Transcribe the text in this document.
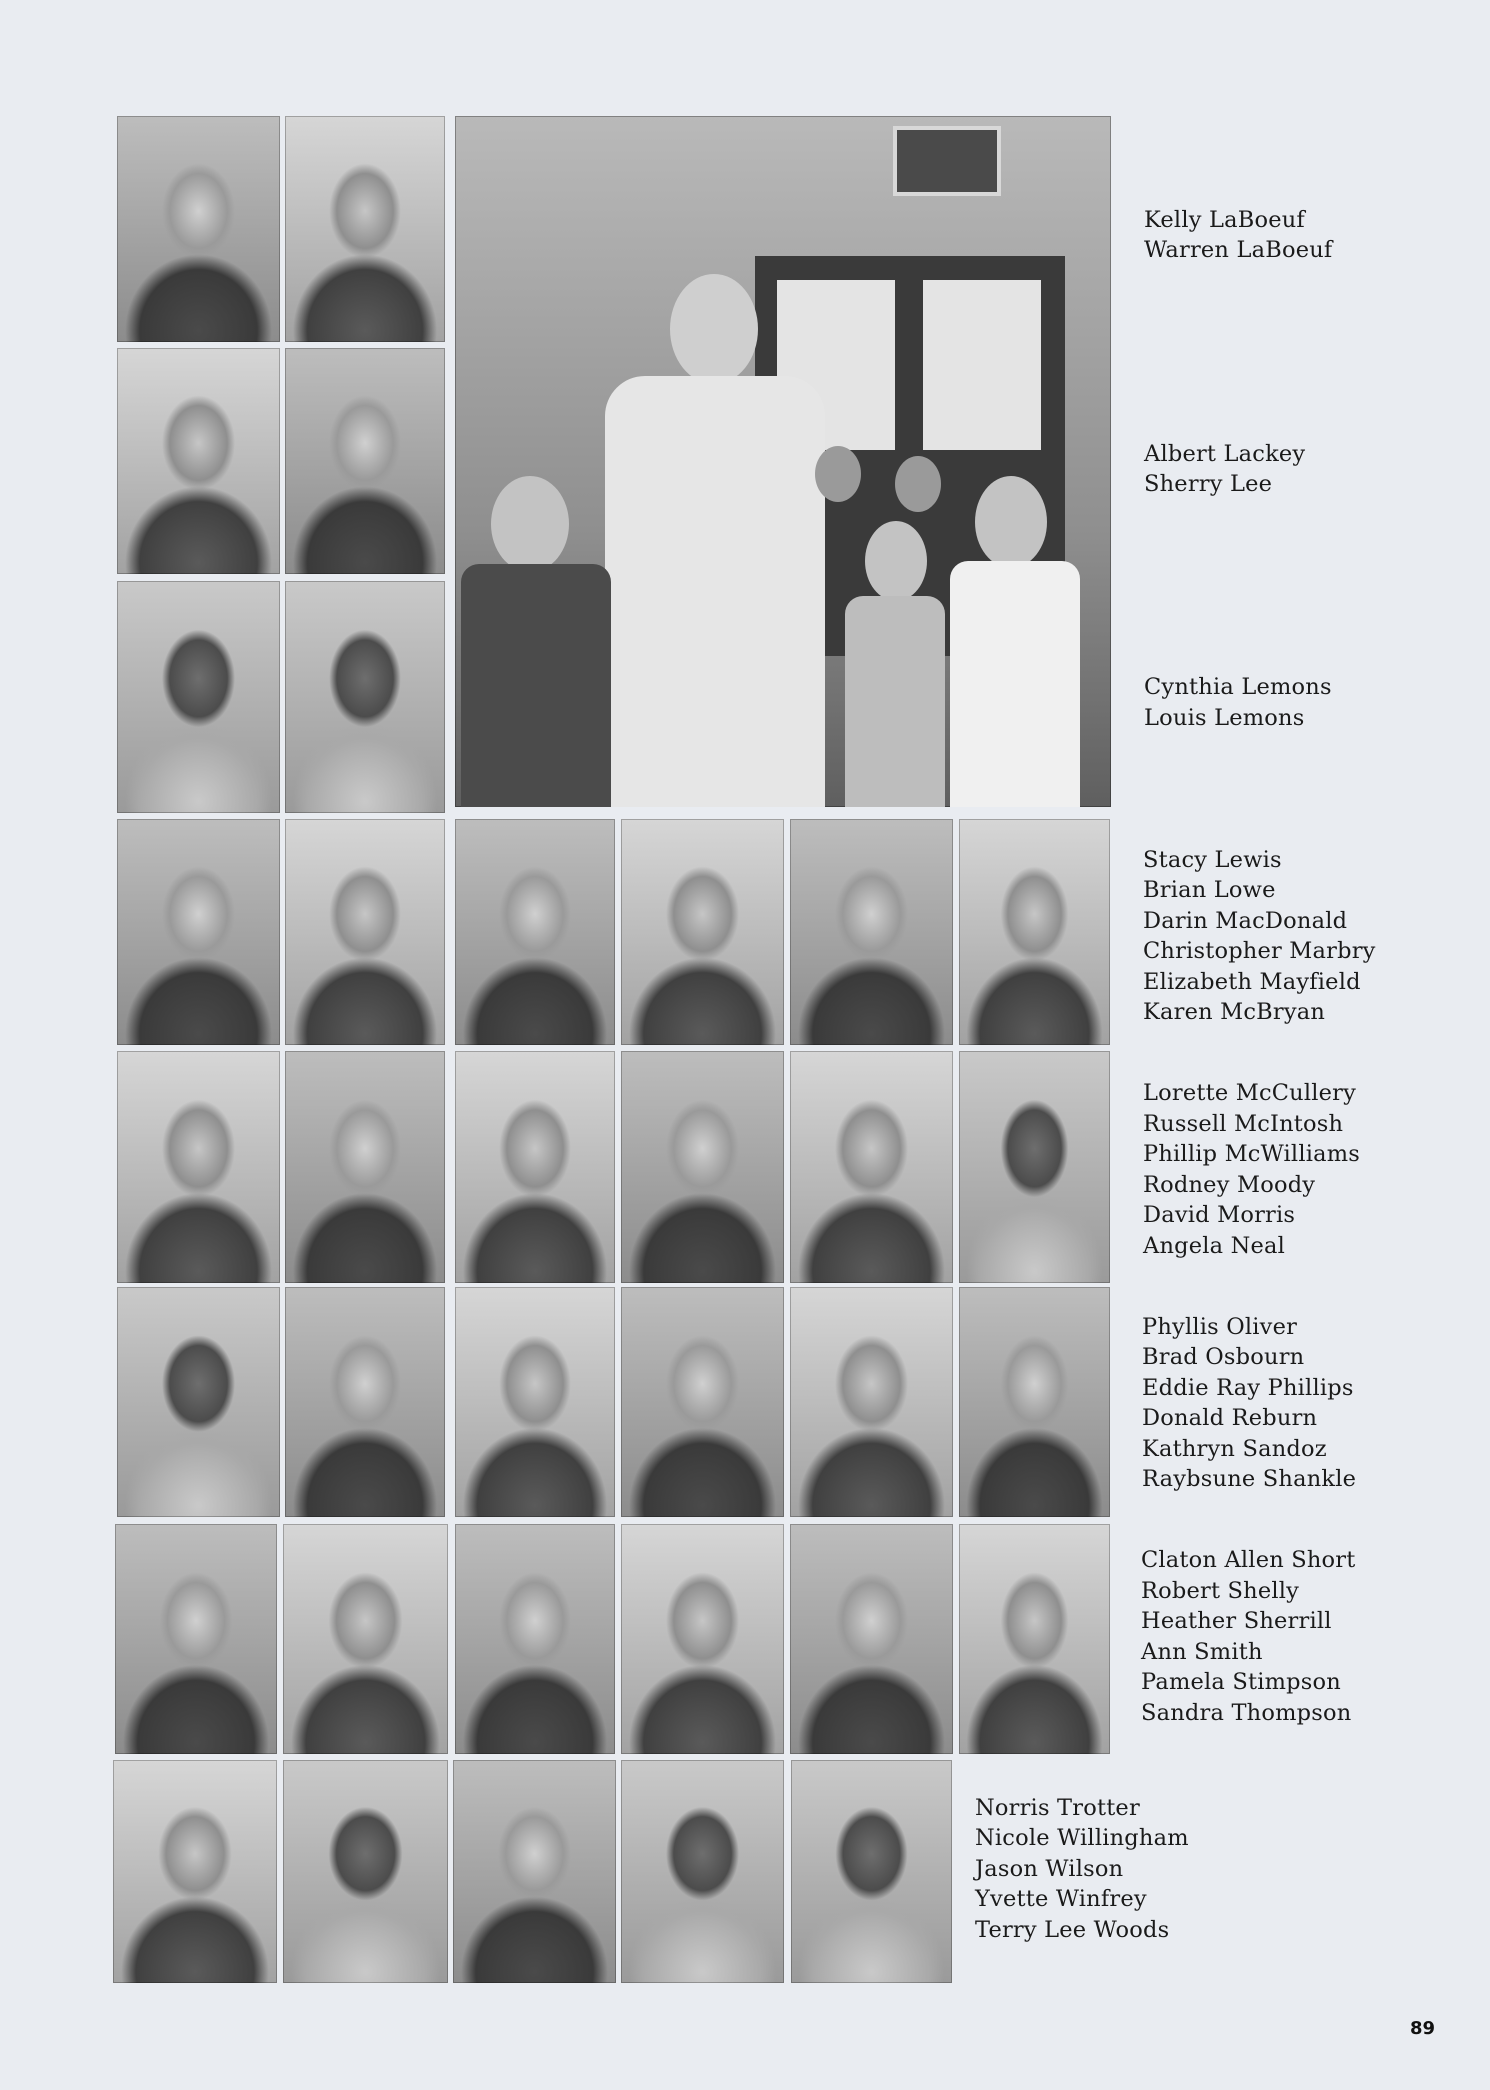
Kelly LaBoeuf
Warren LaBoeuf
Albert Lackey
Sherry Lee
Cynthia Lemons
Louis Lemons
Stacy Lewis
Brian Lowe
Darin MacDonald
Christopher Marbry
Elizabeth Mayfield
Karen McBryan
Lorette McCullery
Russell McIntosh
Phillip McWilliams
Rodney Moody
David Morris
Angela Neal
Phyllis Oliver
Brad Osbourn
Eddie Ray Phillips
Donald Reburn
Kathryn Sandoz
Raybsune Shankle
Claton Allen Short
Robert Shelly
Heather Sherrill
Ann Smith
Pamela Stimpson
Sandra Thompson
Norris Trotter
Nicole Willingham
Jason Wilson
Yvette Winfrey
Terry Lee Woods
89
